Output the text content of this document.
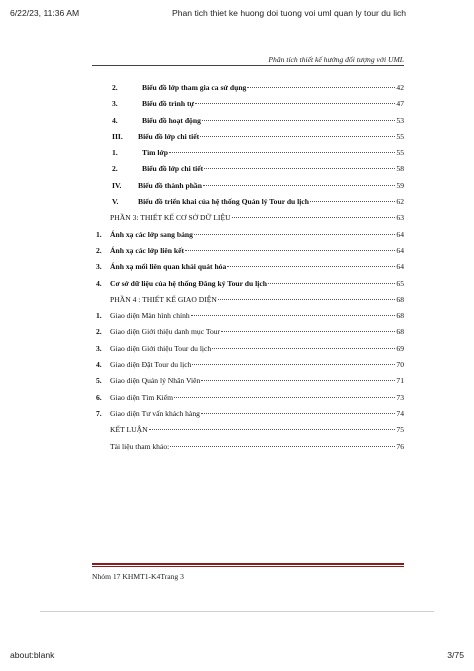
6/22/23, 11:36 AM	Phan tich thiet ke huong doi tuong voi uml quan ly tour du lich
Phân tích thiết kế hướng đối tượng với UML
2.	Biểu đồ lớp tham gia ca sử dụng	42
3.	Biểu đồ trình tự	47
4.	Biểu đồ hoạt động	53
III.	Biểu đồ lớp chi tiết	55
1.	Tìm lớp	55
2.	Biểu đồ lớp chi tiết	58
IV.	Biểu đồ thành phần	59
V.	Biểu đồ triển khai của hệ thống Quản lý Tour du lịch	62
PHẦN 3: THIẾT KẾ CƠ SỞ DỮ LIỆU	63
1.	Ánh xạ các lớp sang bảng	64
2.	Ánh xạ các lớp liên kết	64
3.	Ánh xạ mối liên quan khái quát hóa	64
4.	Cơ sở dữ liệu của hệ thống Đăng ký Tour du lịch	65
PHẦN 4 : THIẾT KẾ GIAO DIỆN	68
1.	Giao diện Màn hình chính	68
2.	Giao diện Giới thiệu danh mục Tour	68
3.	Giao diện Giới thiệu Tour du lịch	69
4.	Giao diện Đặt Tour du lịch	70
5.	Giao diện Quản lý Nhân Viên	71
6.	Giao diện Tìm Kiếm	73
7.	Giao diện Tư vấn khách hàng	74
KẾT LUẬN	75
Tài liệu tham khảo:	76
Nhóm 17 KHMT1-K4Trang 3
about:blank	3/75
